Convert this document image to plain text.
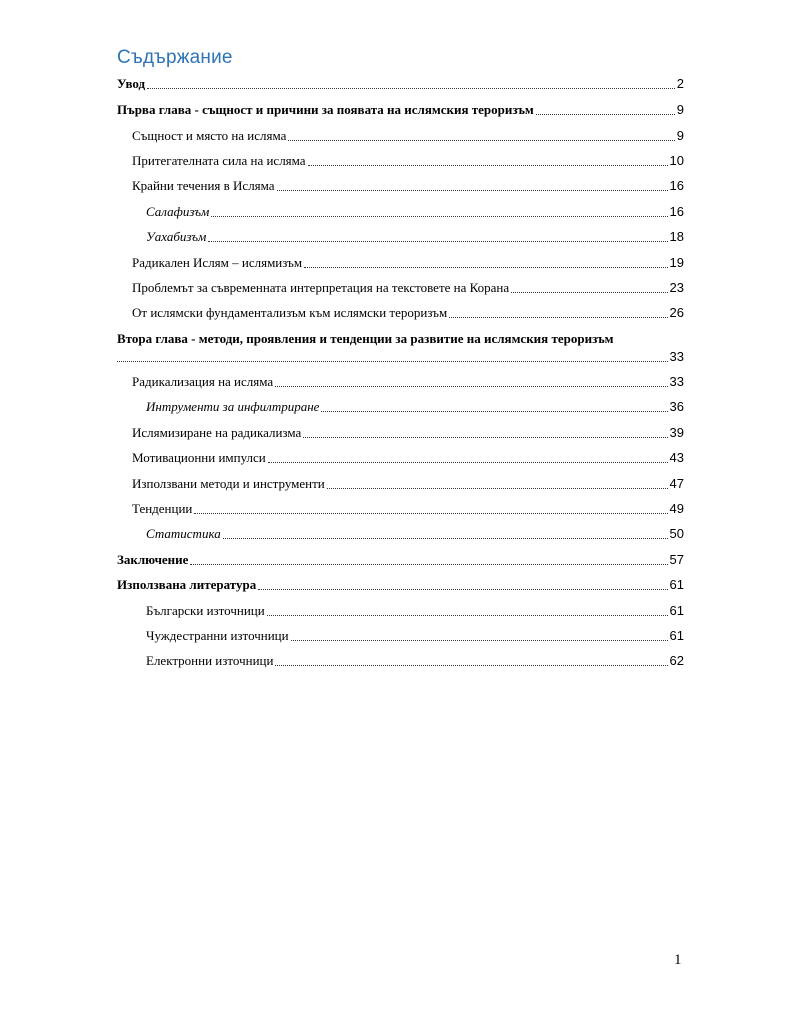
Съдържание
Увод	2
Първа глава - същност и причини за появата на ислямския тероризъм	9
Същност и място на исляма	9
Притегателната сила на исляма	10
Крайни течения в Исляма	16
Салафизъм	16
Уахабизъм	18
Радикален Ислям – ислямизъм	19
Проблемът за съвременната интерпретация на текстовете на Корана	23
От ислямски фундаментализъм към ислямски тероризъм	26
Втора глава - методи, проявления и тенденции за развитие на ислямския тероризъм
33
Радикализация на исляма	33
Интрументи за инфилтриране	36
Ислямизиране на радикализма	39
Мотивационни импулси	43
Използвани методи и инструменти	47
Тенденции	49
Статистика	50
Заключение	57
Използвана литература	61
Български източници	61
Чуждестранни източници	61
Електронни източници	62
1
